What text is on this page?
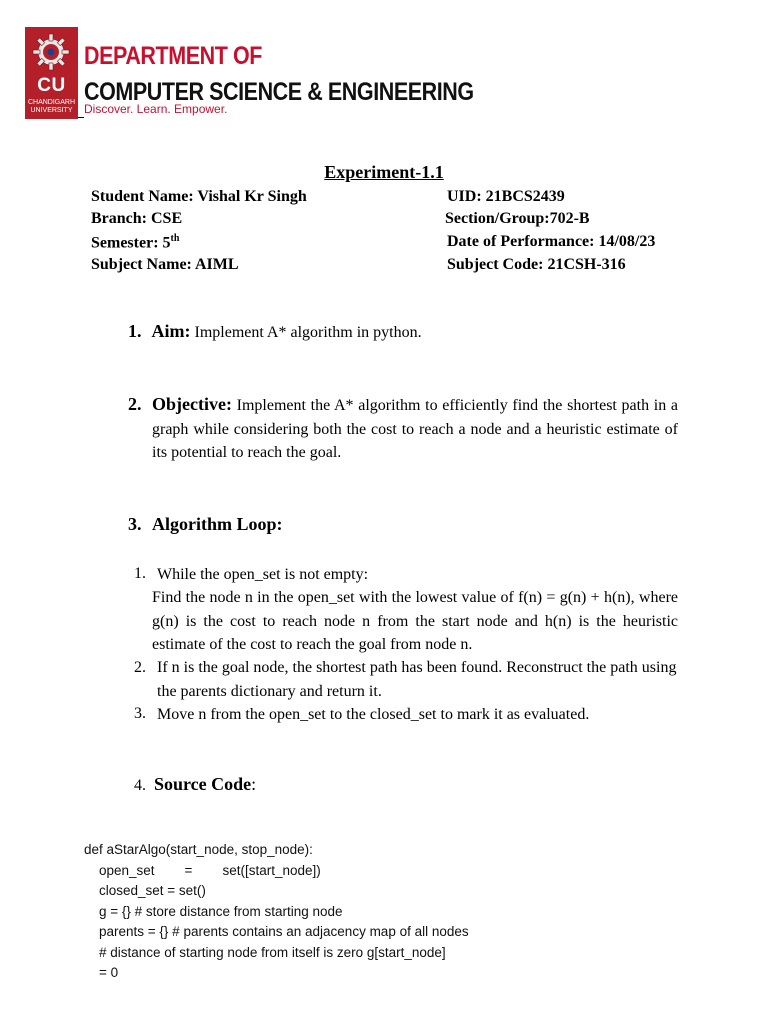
CU
CHANDIGARH UNIVERSITY
DEPARTMENT OF
COMPUTER SCIENCE & ENGINEERING
Discover. Learn. Empower.
Experiment-1.1
Student Name: Vishal Kr Singh	UID: 21BCS2439
Branch: CSE	Section/Group:702-B
Semester: 5th	Date of Performance: 14/08/23
Subject Name: AIML	Subject Code: 21CSH-316
1. Aim: Implement A* algorithm in python.
2. Objective: Implement the A* algorithm to efficiently find the shortest path in a graph while considering both the cost to reach a node and a heuristic estimate of its potential to reach the goal.
3. Algorithm Loop:
1. While the open_set is not empty:
Find the node n in the open_set with the lowest value of f(n) = g(n) + h(n), where g(n) is the cost to reach node n from the start node and h(n) is the heuristic estimate of the cost to reach the goal from node n.
2. If n is the goal node, the shortest path has been found. Reconstruct the path using the parents dictionary and return it.
3. Move n from the open_set to the closed_set to mark it as evaluated.
4. Source Code:
def aStarAlgo(start_node, stop_node):
open_set        =        set([start_node])
closed_set = set()
g = {} # store distance from starting node
parents = {} # parents contains an adjacency map of all nodes
# distance of starting node from itself is zero g[start_node]
= 0
